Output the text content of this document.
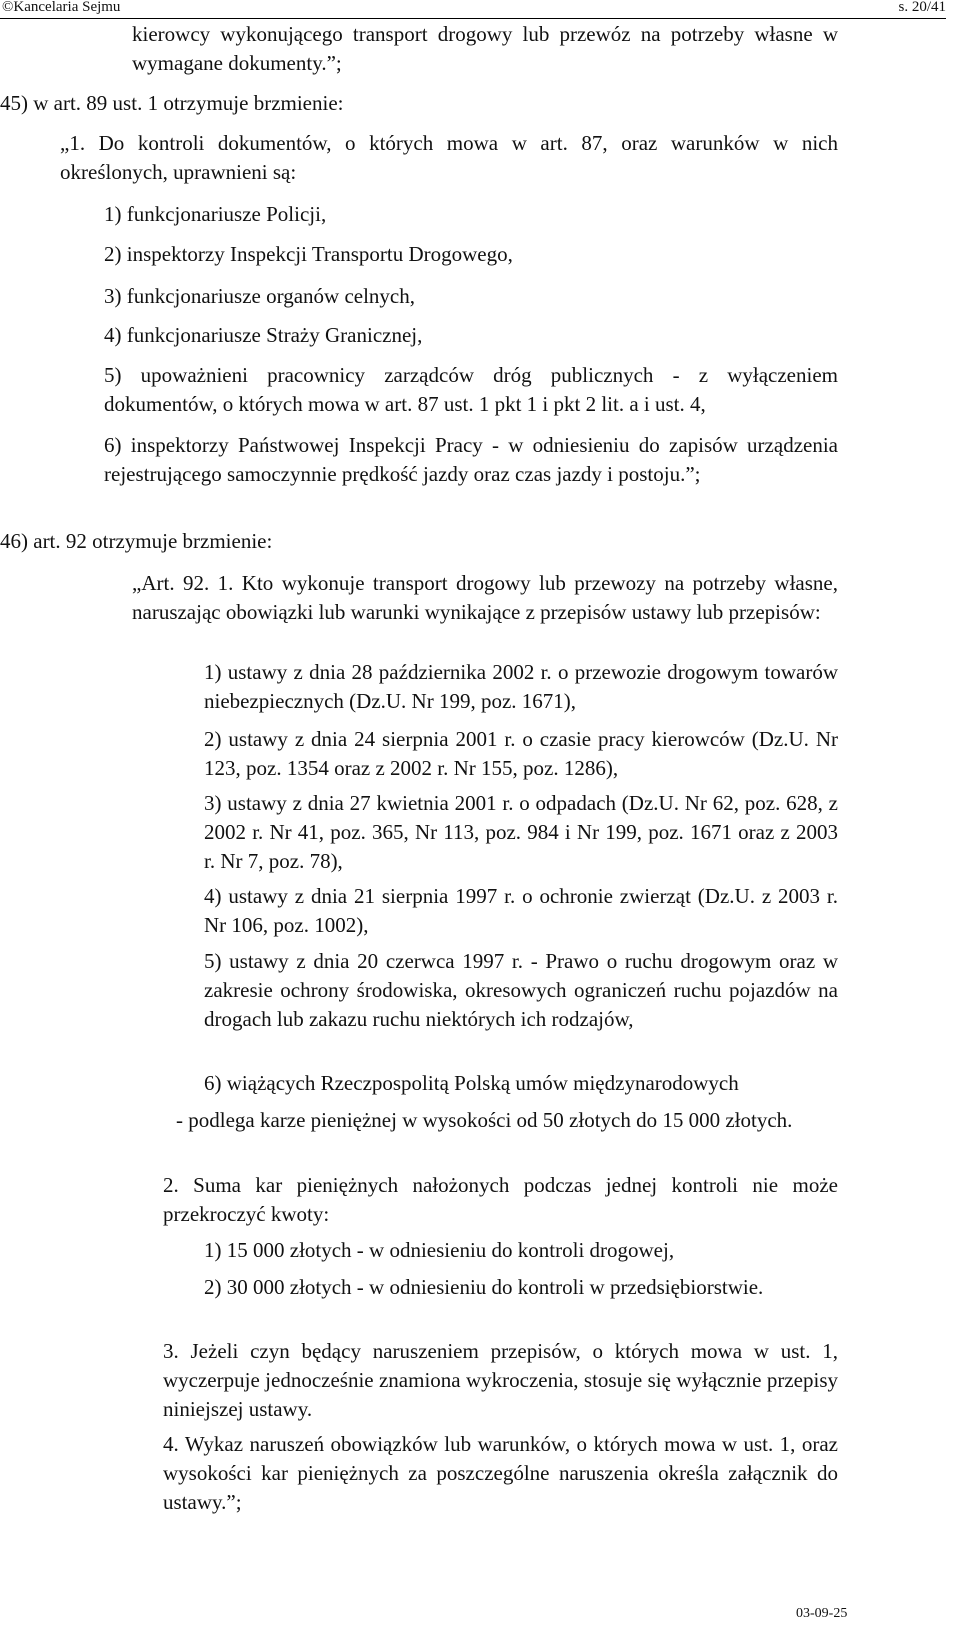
©Kancelaria Sejmu	s. 20/41

kierowcy wykonującego transport drogowy lub przewóz na potrzeby własne w wymagane dokumenty.”;

45) w art. 89 ust. 1 otrzymuje brzmienie:

„1. Do kontroli dokumentów, o których mowa w art. 87, oraz warunków w nich określonych, uprawnieni są:

1) funkcjonariusze Policji,

2) inspektorzy Inspekcji Transportu Drogowego,

3) funkcjonariusze organów celnych,

4) funkcjonariusze Straży Granicznej,

5) upoważnieni pracownicy zarządców dróg publicznych - z wyłączeniem dokumentów, o których mowa w art. 87 ust. 1 pkt 1 i pkt 2 lit. a i ust. 4,

6) inspektorzy Państwowej Inspekcji Pracy - w odniesieniu do zapisów urządzenia rejestrującego samoczynnie prędkość jazdy oraz czas jazdy i postoju.”;

46) art. 92 otrzymuje brzmienie:

„Art. 92. 1. Kto wykonuje transport drogowy lub przewozy na potrzeby własne, naruszając obowiązki lub warunki wynikające z przepisów ustawy lub przepisów:

1) ustawy z dnia 28 października 2002 r. o przewozie drogowym towarów niebezpiecznych (Dz.U. Nr 199, poz. 1671),

2) ustawy z dnia 24 sierpnia 2001 r. o czasie pracy kierowców (Dz.U. Nr 123, poz. 1354 oraz z 2002 r. Nr 155, poz. 1286),

3) ustawy z dnia 27 kwietnia 2001 r. o odpadach (Dz.U. Nr 62, poz. 628, z 2002 r. Nr 41, poz. 365, Nr 113, poz. 984 i Nr 199, poz. 1671 oraz z 2003 r. Nr 7, poz. 78),

4) ustawy z dnia 21 sierpnia 1997 r. o ochronie zwierząt (Dz.U. z 2003 r. Nr 106, poz. 1002),

5) ustawy z dnia 20 czerwca 1997 r. - Prawo o ruchu drogowym oraz w zakresie ochrony środowiska, okresowych ograniczeń ruchu pojazdów na drogach lub zakazu ruchu niektórych ich rodzajów,

6) wiążących Rzeczpospolitą Polską umów międzynarodowych

- podlega karze pieniężnej w wysokości od 50 złotych do 15 000 złotych.

2. Suma kar pieniężnych nałożonych podczas jednej kontroli nie może przekroczyć kwoty:

1) 15 000 złotych - w odniesieniu do kontroli drogowej,

2) 30 000 złotych - w odniesieniu do kontroli w przedsiębiorstwie.

3. Jeżeli czyn będący naruszeniem przepisów, o których mowa w ust. 1, wyczerpuje jednocześnie znamiona wykroczenia, stosuje się wyłącznie przepisy niniejszej ustawy.

4. Wykaz naruszeń obowiązków lub warunków, o których mowa w ust. 1, oraz wysokości kar pieniężnych za poszczególne naruszenia określa załącznik do ustawy.”;

03-09-25
